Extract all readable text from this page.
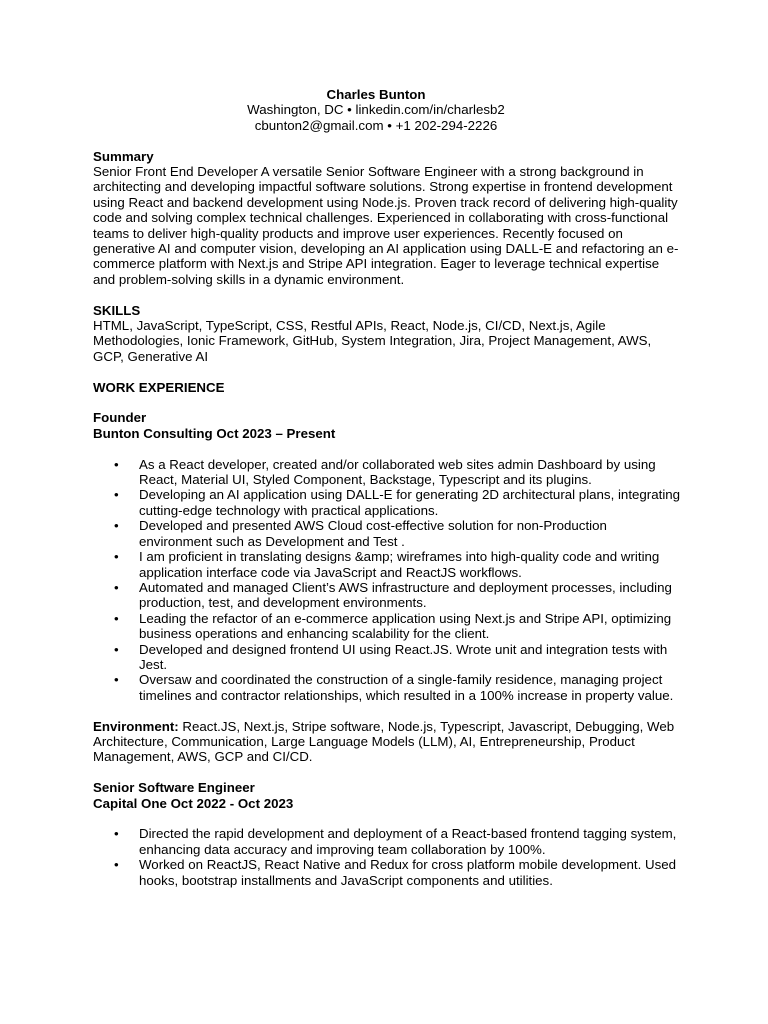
Charles Bunton
Washington, DC • linkedin.com/in/charlesb2
cbunton2@gmail.com • +1 202-294-2226
Summary

Senior Front End Developer A versatile Senior Software Engineer with a strong background in architecting and developing impactful software solutions. Strong expertise in frontend development using React and backend development using Node.js. Proven track record of delivering high-quality code and solving complex technical challenges. Experienced in collaborating with cross-functional teams to deliver high-quality products and improve user experiences. Recently focused on generative AI and computer vision, developing an AI application using DALL-E and refactoring an e-commerce platform with Next.js and Stripe API integration. Eager to leverage technical expertise and problem-solving skills in a dynamic environment.

SKILLS

HTML, JavaScript, TypeScript, CSS, Restful APIs, React, Node.js, CI/CD, Next.js, Agile Methodologies, Ionic Framework, GitHub, System Integration, Jira, Project Management, AWS, GCP, Generative AI

WORK EXPERIENCE
Founder
Bunton Consulting Oct 2023 – Present
• As a React developer, created and/or collaborated web sites admin Dashboard by using React, Material UI, Styled Component, Backstage, Typescript and its plugins.
• Developing an AI application using DALL-E for generating 2D architectural plans, integrating cutting-edge technology with practical applications.
• Developed and presented AWS Cloud cost-effective solution for non-Production environment such as Development and Test .
• I am proficient in translating designs &amp; wireframes into high-quality code and writing application interface code via JavaScript and ReactJS workflows.
• Automated and managed Client’s AWS infrastructure and deployment processes, including production, test, and development environments.
• Leading the refactor of an e-commerce application using Next.js and Stripe API, optimizing business operations and enhancing scalability for the client.
• Developed and designed frontend UI using React.JS. Wrote unit and integration tests with Jest.
• Oversaw and coordinated the construction of a single-family residence, managing project timelines and contractor relationships, which resulted in a 100% increase in property value.

Environment: React.JS, Next.js, Stripe software, Node.js, Typescript, Javascript, Debugging, Web Architecture, Communication, Large Language Models (LLM), AI, Entrepreneurship, Product Management, AWS, GCP and CI/CD.

Senior Software Engineer
Capital One Oct 2022 - Oct 2023
• Directed the rapid development and deployment of a React-based frontend tagging system, enhancing data accuracy and improving team collaboration by 100%.
• Worked on ReactJS, React Native and Redux for cross platform mobile development. Used hooks, bootstrap installments and JavaScript components and utilities.
